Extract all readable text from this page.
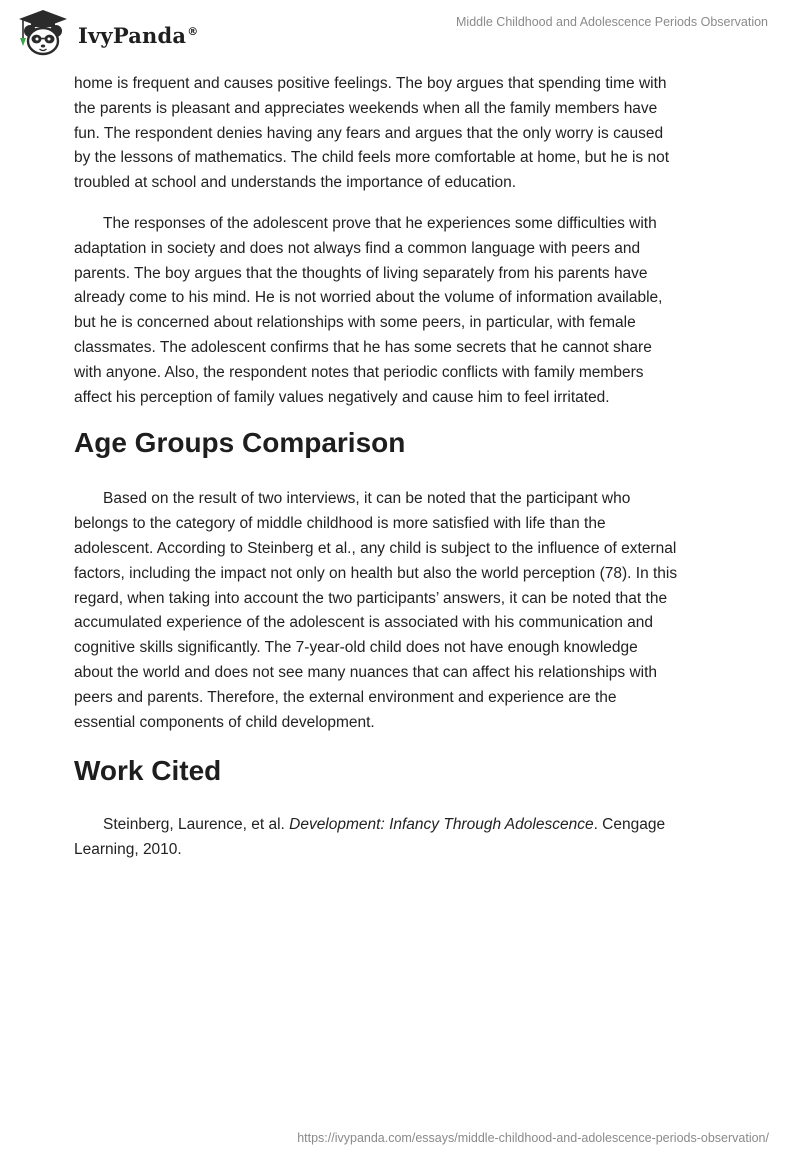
IvyPanda®
Middle Childhood and Adolescence Periods Observation

home is frequent and causes positive feelings. The boy argues that spending time with
the parents is pleasant and appreciates weekends when all the family members have
fun. The respondent denies having any fears and argues that the only worry is caused
by the lessons of mathematics. The child feels more comfortable at home, but he is not
troubled at school and understands the importance of education.

The responses of the adolescent prove that he experiences some difficulties with
adaptation in society and does not always find a common language with peers and
parents. The boy argues that the thoughts of living separately from his parents have
already come to his mind. He is not worried about the volume of information available,
but he is concerned about relationships with some peers, in particular, with female
classmates. The adolescent confirms that he has some secrets that he cannot share
with anyone. Also, the respondent notes that periodic conflicts with family members
affect his perception of family values negatively and cause him to feel irritated.

Age Groups Comparison

Based on the result of two interviews, it can be noted that the participant who
belongs to the category of middle childhood is more satisfied with life than the
adolescent. According to Steinberg et al., any child is subject to the influence of external
factors, including the impact not only on health but also the world perception (78). In this
regard, when taking into account the two participants’ answers, it can be noted that the
accumulated experience of the adolescent is associated with his communication and
cognitive skills significantly. The 7-year-old child does not have enough knowledge
about the world and does not see many nuances that can affect his relationships with
peers and parents. Therefore, the external environment and experience are the
essential components of child development.

Work Cited

Steinberg, Laurence, et al. Development: Infancy Through Adolescence. Cengage
Learning, 2010.

https://ivypanda.com/essays/middle-childhood-and-adolescence-periods-observation/
